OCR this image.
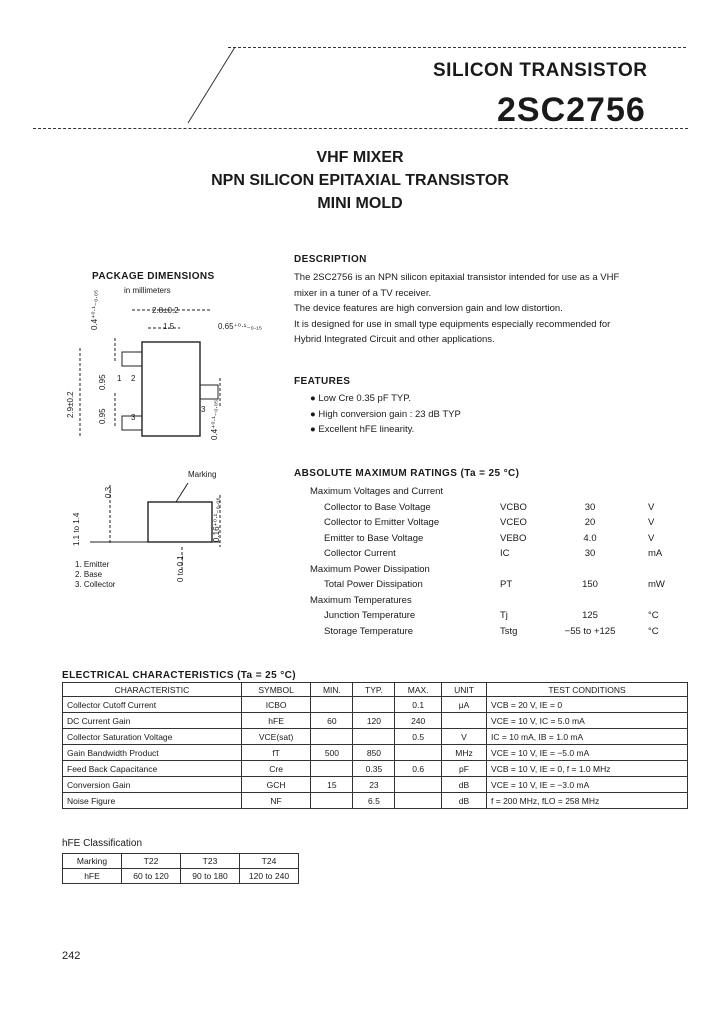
SILICON TRANSISTOR
2SC2756
VHF MIXER
NPN SILICON EPITAXIAL TRANSISTOR
MINI MOLD
PACKAGE DIMENSIONS
in millimeters
2.8±0.2
1.5	0.65⁺⁰·¹₋₀.₁₅
0.4⁺⁰·¹₋₀.₀₅
2.9±0.2
0.95
0.95	0.4⁺⁰·¹₋₀.₀₅
1 2
3
3
Marking
0.3
1.1 to 1.4	0.16⁺⁰·¹₋₀.₀₆
0 to 0.1
1. Emitter
2. Base
3. Collector
DESCRIPTION
The 2SC2756 is an NPN silicon epitaxial transistor intended for use as a VHF
mixer in a tuner of a TV receiver.
The device features are high conversion gain and low distortion.
It is designed for use in small type equipments especially recommended for
Hybrid Integrated Circuit and other applications.
FEATURES
● Low Cre 0.35 pF TYP.
● High conversion gain : 23 dB TYP
● Excellent hFE linearity.
ABSOLUTE MAXIMUM RATINGS (Ta = 25 °C)
Maximum Voltages and Current
Collector to Base Voltage	VCBO	30	V
Collector to Emitter Voltage	VCEO	20	V
Emitter to Base Voltage	VEBO	4.0	V
Collector Current	IC	30	mA
Maximum Power Dissipation
Total Power Dissipation	PT	150	mW
Maximum Temperatures
Junction Temperature	Tj	125	°C
Storage Temperature	Tstg	−55 to +125	°C
ELECTRICAL CHARACTERISTICS (Ta = 25 °C)
CHARACTERISTIC	SYMBOL	MIN.	TYP.	MAX.	UNIT	TEST CONDITIONS
Collector Cutoff Current	ICBO			0.1	μA	VCB = 20 V, IE = 0
DC Current Gain	hFE	60	120	240		VCE = 10 V, IC = 5.0 mA
Collector Saturation Voltage	VCE(sat)			0.5	V	IC = 10 mA, IB = 1.0 mA
Gain Bandwidth Product	fT	500	850		MHz	VCE = 10 V, IE = −5.0 mA
Feed Back Capacitance	Cre		0.35	0.6	pF	VCB = 10 V, IE = 0, f = 1.0 MHz
Conversion Gain	GCH	15	23		dB	VCE = 10 V, IE = −3.0 mA
Noise Figure	NF		6.5		dB	f = 200 MHz, fLO = 258 MHz
hFE Classification
Marking	T22	T23	T24
hFE	60 to 120	90 to 180	120 to 240
242
